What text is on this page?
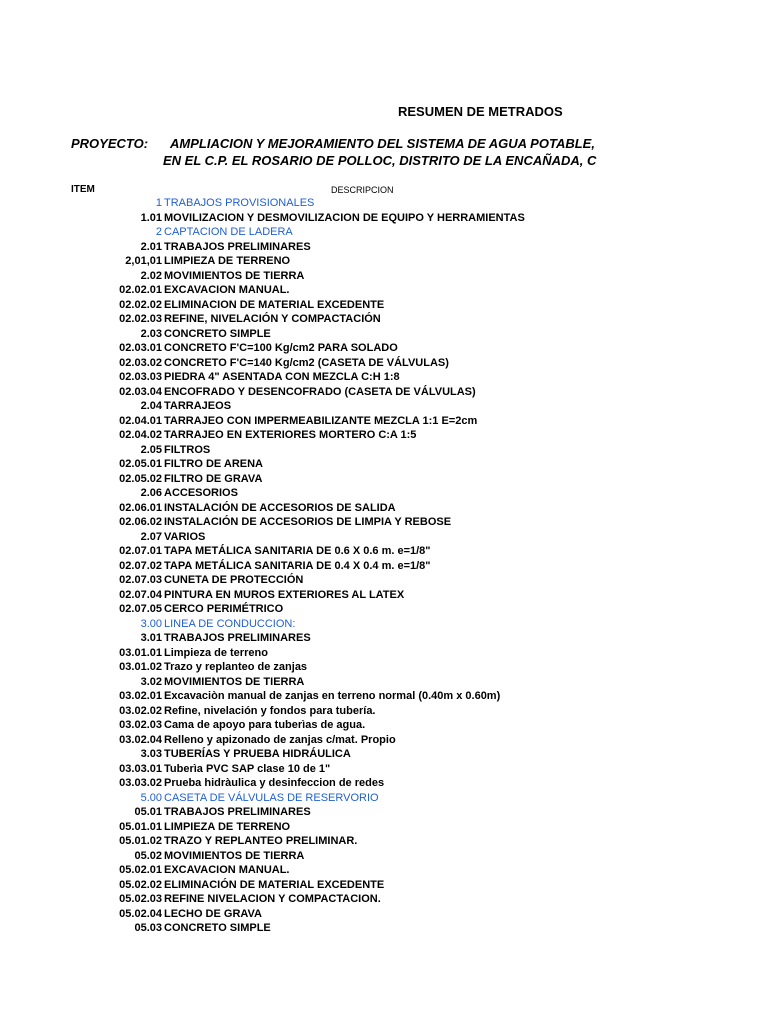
RESUMEN DE METRADOS
PROYECTO: AMPLIACION Y MEJORAMIENTO DEL SISTEMA DE AGUA POTABLE,
EN EL C.P. EL ROSARIO DE POLLOC, DISTRITO DE LA ENCAÑADA, C
ITEM	DESCRIPCION
1 TRABAJOS PROVISIONALES
1.01 MOVILIZACION Y DESMOVILIZACION DE EQUIPO Y HERRAMIENTAS
2 CAPTACION DE LADERA
2.01 TRABAJOS PRELIMINARES
2,01,01 LIMPIEZA DE TERRENO
2.02 MOVIMIENTOS DE TIERRA
02.02.01 EXCAVACION MANUAL.
02.02.02 ELIMINACION DE MATERIAL EXCEDENTE
02.02.03 REFINE, NIVELACIÓN Y COMPACTACIÓN
2.03 CONCRETO SIMPLE
02.03.01 CONCRETO F'C=100 Kg/cm2 PARA SOLADO
02.03.02 CONCRETO F'C=140 Kg/cm2 (CASETA DE VÁLVULAS)
02.03.03 PIEDRA 4" ASENTADA CON MEZCLA C:H 1:8
02.03.04 ENCOFRADO Y DESENCOFRADO (CASETA DE VÁLVULAS)
2.04 TARRAJEOS
02.04.01 TARRAJEO CON IMPERMEABILIZANTE MEZCLA 1:1 E=2cm
02.04.02 TARRAJEO EN EXTERIORES MORTERO C:A 1:5
2.05 FILTROS
02.05.01 FILTRO DE ARENA
02.05.02 FILTRO DE GRAVA
2.06 ACCESORIOS
02.06.01 INSTALACIÓN DE ACCESORIOS DE SALIDA
02.06.02 INSTALACIÓN DE ACCESORIOS DE LIMPIA Y REBOSE
2.07 VARIOS
02.07.01 TAPA METÁLICA SANITARIA DE 0.6 X 0.6 m. e=1/8"
02.07.02 TAPA METÁLICA SANITARIA DE 0.4 X 0.4 m. e=1/8"
02.07.03 CUNETA DE PROTECCIÓN
02.07.04 PINTURA EN MUROS EXTERIORES AL LATEX
02.07.05 CERCO PERIMÉTRICO
3.00 LINEA DE CONDUCCION:
3.01 TRABAJOS PRELIMINARES
03.01.01 Limpieza de terreno
03.01.02 Trazo y replanteo de zanjas
3.02 MOVIMIENTOS DE TIERRA
03.02.01 Excavaciòn manual de zanjas en terreno normal (0.40m x 0.60m)
03.02.02 Refine, nivelación y fondos para tubería.
03.02.03 Cama de apoyo para tuberìas de agua.
03.02.04 Relleno y apizonado de zanjas c/mat. Propio
3.03 TUBERÍAS Y PRUEBA HIDRÁULICA
03.03.01 Tuberìa PVC SAP clase 10 de 1"
03.03.02 Prueba hidràulica y desinfeccion de redes
5.00 CASETA DE VÁLVULAS DE RESERVORIO
05.01 TRABAJOS PRELIMINARES
05.01.01 LIMPIEZA DE TERRENO
05.01.02 TRAZO Y REPLANTEO PRELIMINAR.
05.02 MOVIMIENTOS DE TIERRA
05.02.01 EXCAVACION MANUAL.
05.02.02 ELIMINACIÓN DE MATERIAL EXCEDENTE
05.02.03 REFINE NIVELACION Y COMPACTACION.
05.02.04 LECHO DE GRAVA
05.03 CONCRETO SIMPLE
